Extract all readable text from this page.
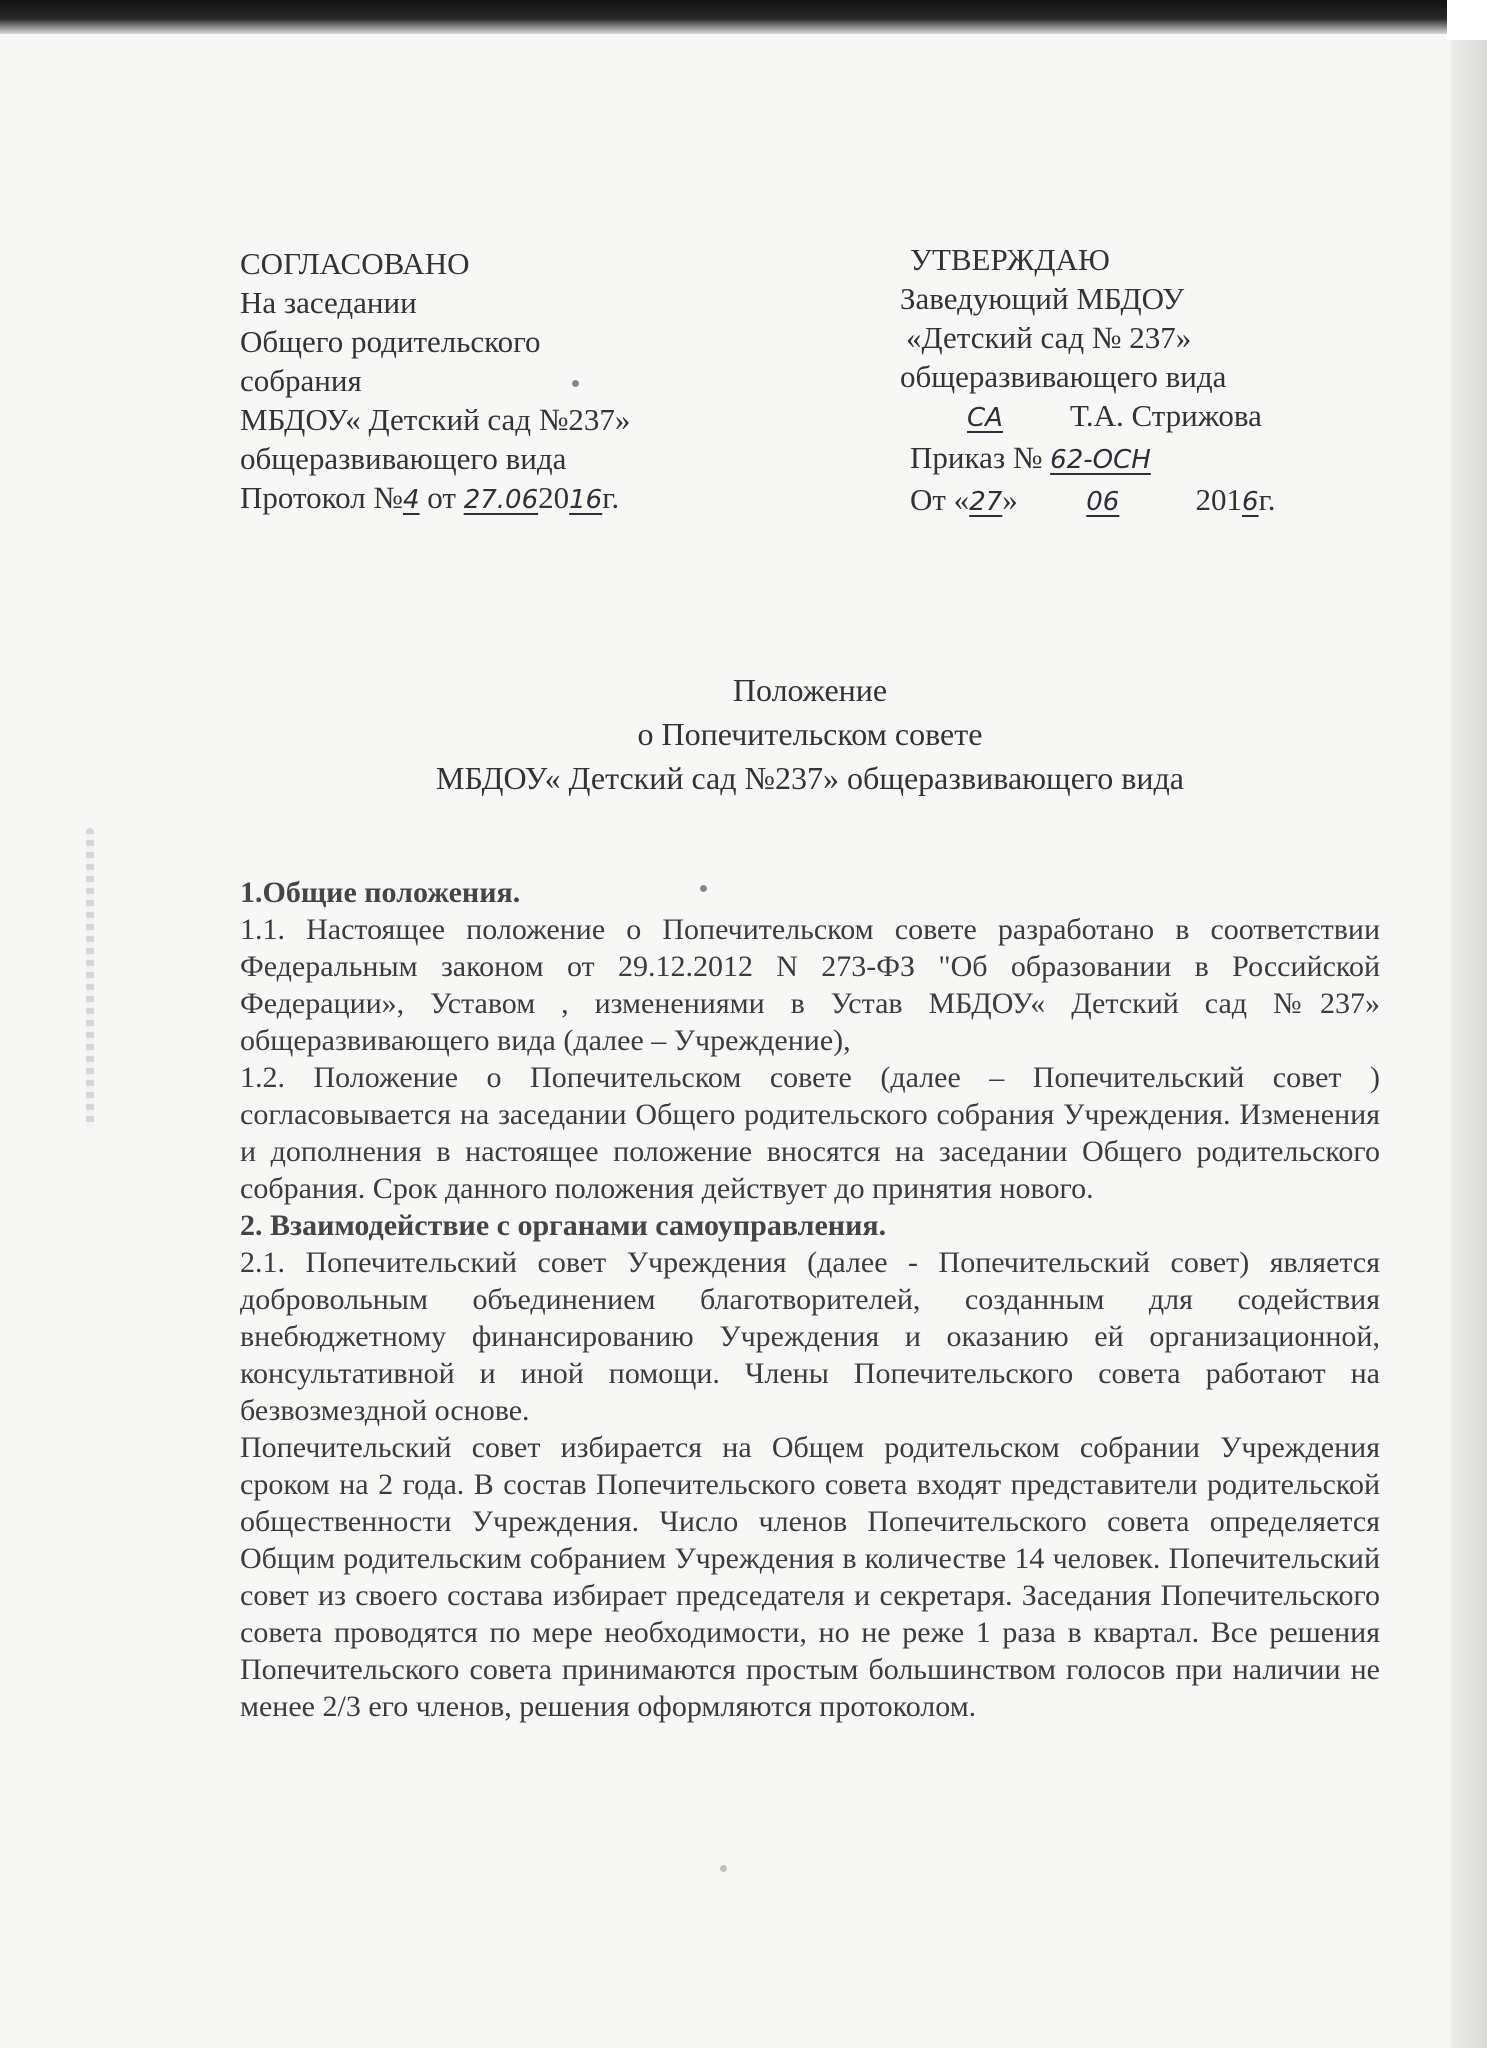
СОГЛАСОВАНО
На заседании
Общего родительского
собрания
МБДОУ« Детский сад №237»
общеразвивающего вида
Протокол №4 от 27.062016г.
УТВЕРЖДАЮ
Заведующий МБДОУ
«Детский сад № 237»
общеразвивающего вида
СА Т.А. Стрижова
Приказ № 62-ОСН
От «27»	06 2016г.
Положение
о Попечительском совете
МБДОУ« Детский сад №237» общеразвивающего вида

1.Общие положения.

1.1. Настоящее положение о Попечительском совете разработано в соответствии Федеральным законом от 29.12.2012 N 273-ФЗ "Об образовании в Российской Федерации», Уставом , изменениями в Устав МБДОУ« Детский сад №237» общеразвивающего вида (далее – Учреждение),

1.2. Положение о Попечительском совете (далее – Попечительский совет ) согласовывается на заседании Общего родительского собрания Учреждения. Изменения и дополнения в настоящее положение вносятся на заседании Общего родительского собрания. Срок данного положения действует до принятия нового.

2. Взаимодействие с органами самоуправления.

2.1. Попечительский совет Учреждения (далее - Попечительский совет) является добровольным объединением благотворителей, созданным для содействия внебюджетному финансированию Учреждения и оказанию ей организационной, консультативной и иной помощи. Члены Попечительского совета работают на безвозмездной основе.

Попечительский совет избирается на Общем родительском собрании Учреждения сроком на 2 года. В состав Попечительского совета входят представители родительской общественности Учреждения. Число членов Попечительского совета определяется Общим родительским собранием Учреждения в количестве 14 человек. Попечительский совет из своего состава избирает председателя и секретаря. Заседания Попечительского совета проводятся по мере необходимости, но не реже 1 раза в квартал. Все решения Попечительского совета принимаются простым большинством голосов при наличии не менее 2/3 его членов, решения оформляются протоколом.
